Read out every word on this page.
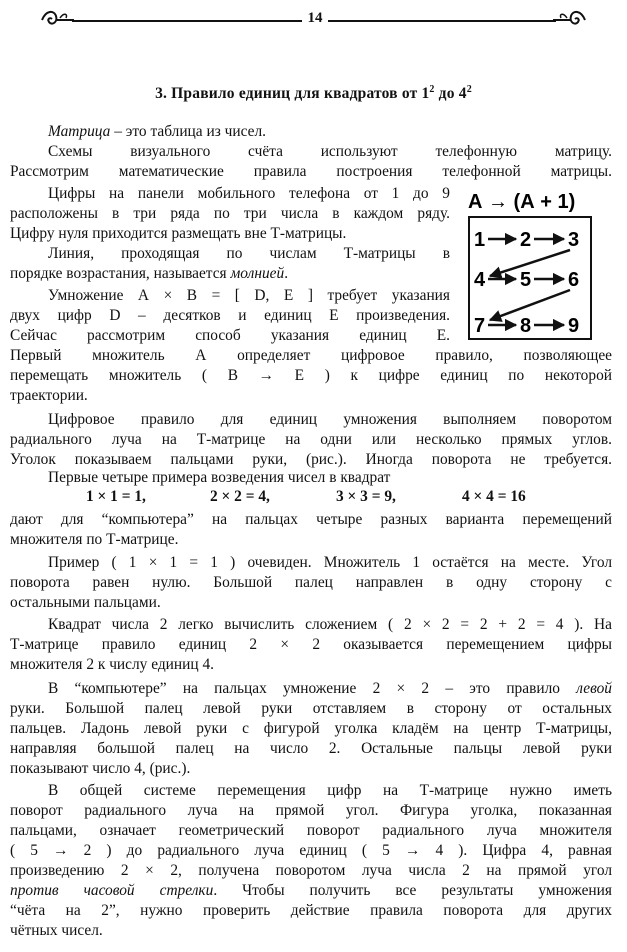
14
3. Правило единиц для квадратов от $1^2$ до $4^2$
Матрица – это таблица из чисел.
Схемы визуального счёта используют телефонную матрицу.
Рассмотрим математические правила построения телефонной матрицы.
Цифры на панели мобильного телефона от 1 до 9
расположены в три ряда по три числа в каждом ряду.
Цифру нуля приходится размещать вне Т-матрицы.
Линия, проходящая по числам Т-матрицы в
порядке возрастания, называется молнией.
Умножение А × В = [ D, Е ] требует указания
двух цифр D – десятков и единиц Е произведения.
Сейчас рассмотрим способ указания единиц Е.
Первый множитель А определяет цифровое правило, позволяющее
перемещать множитель ( В → Е ) к цифре единиц по некоторой
траектории.
Цифровое правило для единиц умножения выполняем поворотом
радиального луча на Т-матрице на одни или несколько прямых углов.
Уголок показываем пальцами руки, (рис.). Иногда поворота не требуется.
Первые четыре примера возведения чисел в квадрат
1 × 1 = 1,	2 × 2 = 4,	3 × 3 = 9,	4 × 4 = 16
дают для “компьютера” на пальцах четыре разных варианта перемещений
множителя по Т-матрице.
Пример ( 1 × 1 = 1 ) очевиден. Множитель 1 остаётся на месте. Угол
поворота равен нулю. Большой палец направлен в одну сторону с
остальными пальцами.
Квадрат числа 2 легко вычислить сложением ( 2 × 2 = 2 + 2 = 4 ). На
Т-матрице правило единиц 2 × 2 оказывается перемещением цифры
множителя 2 к числу единиц 4.
В “компьютере” на пальцах умножение 2 × 2 – это правило левой
руки. Большой палец левой руки отставляем в сторону от остальных
пальцев. Ладонь левой руки с фигурой уголка кладём на центр Т-матрицы,
направляя большой палец на число 2. Остальные пальцы левой руки
показывают число 4, (рис.).
В общей системе перемещения цифр на Т-матрице нужно иметь
поворот радиального луча на прямой угол. Фигура уголка, показанная
пальцами, означает геометрический поворот радиального луча множителя
( 5 → 2 ) до радиального луча единиц ( 5 → 4 ). Цифра 4, равная
произведению 2 × 2, получена поворотом луча числа 2 на прямой угол
против часовой стрелки. Чтобы получить все результаты умножения
“чёта на 2”, нужно проверить действие правила поворота для других
чётных чисел.
А → (А + 1)
1 2 3
4 5 6
7 8 9
